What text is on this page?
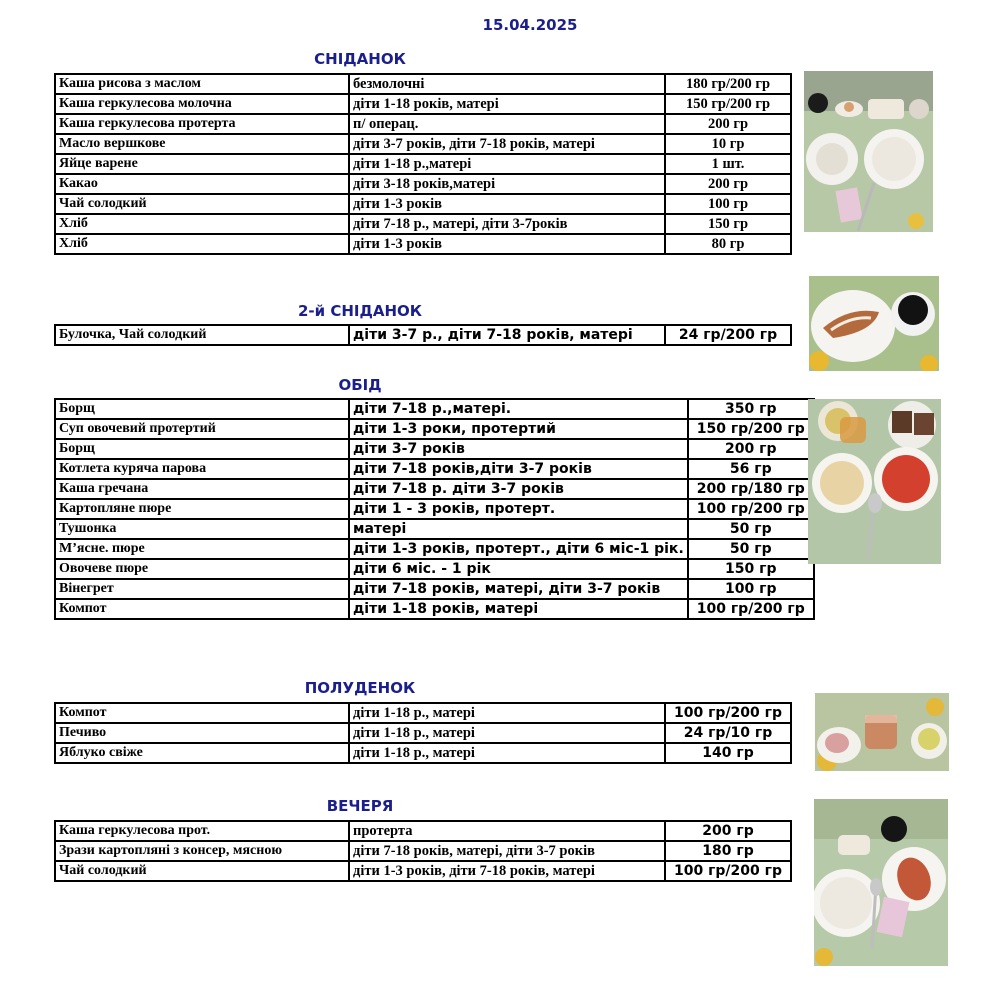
15.04.2025
СНІДАНОК
Каша рисова з маслом	безмолочні	180 гр/200 гр
Каша геркулесова молочна	діти 1-18 років, матері	150 гр/200 гр
Каша геркулесова протерта	п/ операц.	200 гр
Масло вершкове	діти 3-7 років, діти 7-18 років, матері	10 гр
Яйце варене	діти 1-18 р.,матері	1 шт.
Какао	діти 3-18 років,матері	200 гр
Чай солодкий	діти 1-3 років	100 гр
Хліб	діти 7-18 р., матері, діти 3-7років	150 гр
Хліб	діти 1-3 років	80 гр
2-й СНІДАНОК
Булочка, Чай солодкий	діти 3-7 р., діти 7-18 років, матері	24 гр/200 гр
ОБІД
Борщ	діти 7-18 р.,матері.	350 гр
Суп овочевий протертий	діти 1-3 роки, протертий	150 гр/200 гр
Борщ	діти 3-7 років	200 гр
Котлета куряча парова	діти 7-18 років,діти 3-7 років	56 гр
Каша гречана	діти 7-18 р. діти 3-7 років	200 гр/180 гр
Картопляне пюре	діти 1 - 3 років, протерт.	100 гр/200 гр
Тушонка	матері	50 гр
М’ясне. пюре	діти 1-3 років, протерт., діти 6 міс-1 рік.	50 гр
Овочеве пюре	діти 6 міс. - 1 рік	150 гр
Вінегрет	діти 7-18 років, матері, діти 3-7 років	100 гр
Компот	діти 1-18 років, матері	100 гр/200 гр
ПОЛУДЕНОК
Компот	діти 1-18 р., матері	100 гр/200 гр
Печиво	діти 1-18 р., матері	24 гр/10 гр
Яблуко свіже	діти 1-18 р., матері	140 гр
ВЕЧЕРЯ
Каша геркулесова прот.	протерта	200 гр
Зрази картопляні з консер, мясною	діти 7-18 років, матері, діти 3-7 років	180 гр
Чай солодкий	діти 1-3 років, діти 7-18 років, матері	100 гр/200 гр
